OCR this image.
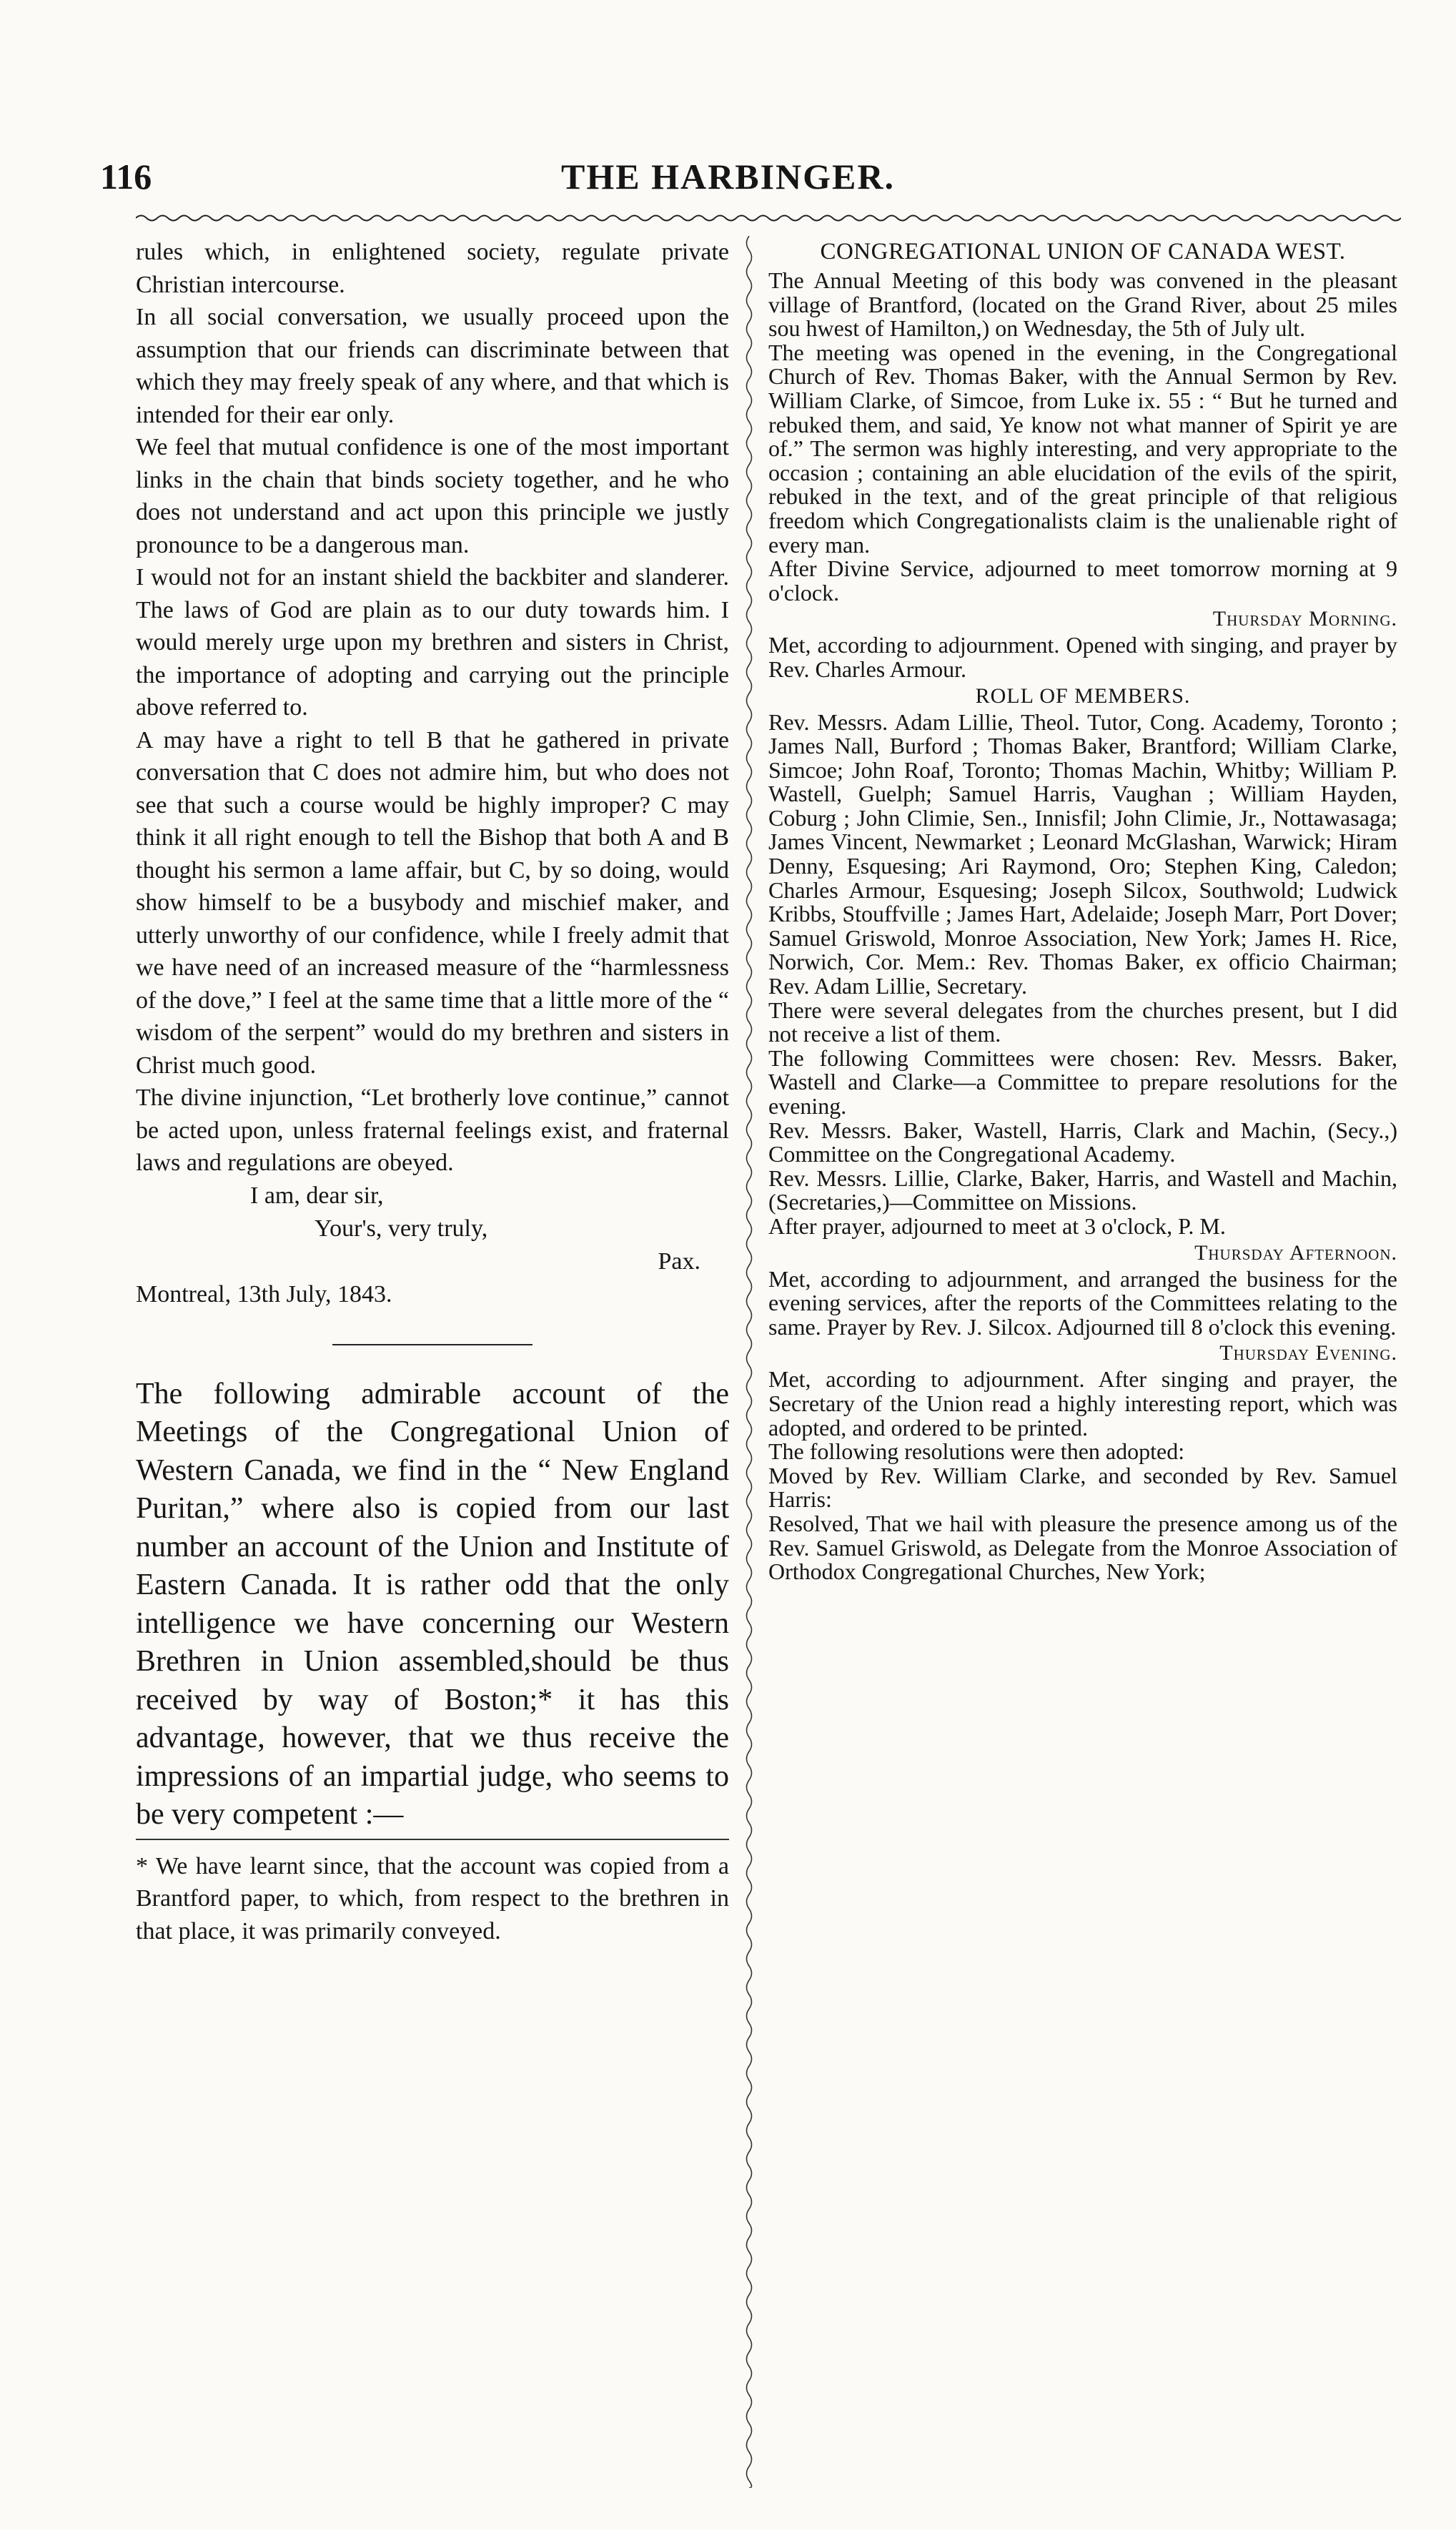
116	THE HARBINGER.

rules which, in enlightened society, regulate private Christian intercourse.

In all social conversation, we usually proceed upon the assumption that our friends can discriminate between that which they may freely speak of any where, and that which is intended for their ear only.

We feel that mutual confidence is one of the most important links in the chain that binds society together, and he who does not understand and act upon this principle we justly pronounce to be a dangerous man.

I would not for an instant shield the backbiter and slanderer. The laws of God are plain as to our duty towards him. I would merely urge upon my brethren and sisters in Christ, the importance of adopting and carrying out the principle above referred to.

A may have a right to tell B that he gathered in private conversation that C does not admire him, but who does not see that such a course would be highly improper? C may think it all right enough to tell the Bishop that both A and B thought his sermon a lame affair, but C, by so doing, would show himself to be a busybody and mischief maker, and utterly unworthy of our confidence, while I freely admit that we have need of an increased measure of the “harmlessness of the dove,” I feel at the same time that a little more of the “ wisdom of the serpent” would do my brethren and sisters in Christ much good.

The divine injunction, “Let brotherly love continue,” cannot be acted upon, unless fraternal feelings exist, and fraternal laws and regulations are obeyed.

I am, dear sir,
Your's, very truly,
Pax.
Montreal, 13th July, 1843.

The following admirable account of the Meetings of the Congregational Union of Western Canada, we find in the “ New England Puritan,” where also is copied from our last number an account of the Union and Institute of Eastern Canada. It is rather odd that the only intelligence we have concerning our Western Brethren in Union assembled,should be thus received by way of Boston;* it has this advantage, however, that we thus receive the impressions of an impartial judge, who seems to be very competent :—

* We have learnt since, that the account was copied from a Brantford paper, to which, from respect to the brethren in that place, it was primarily conveyed.

CONGREGATIONAL UNION OF CANADA WEST.

The Annual Meeting of this body was convened in the pleasant village of Brantford, (located on the Grand River, about 25 miles sou hwest of Hamilton,) on Wednesday, the 5th of July ult.

The meeting was opened in the evening, in the Congregational Church of Rev. Thomas Baker, with the Annual Sermon by Rev. William Clarke, of Simcoe, from Luke ix. 55 : “ But he turned and rebuked them, and said, Ye know not what manner of Spirit ye are of.” The sermon was highly interesting, and very appropriate to the occasion ; containing an able elucidation of the evils of the spirit, rebuked in the text, and of the great principle of that religious freedom which Congregationalists claim is the unalienable right of every man.

After Divine Service, adjourned to meet tomorrow morning at 9 o'clock.

Thursday Morning.

Met, according to adjournment. Opened with singing, and prayer by Rev. Charles Armour.

ROLL OF MEMBERS.

Rev. Messrs. Adam Lillie, Theol. Tutor, Cong. Academy, Toronto ; James Nall, Burford ; Thomas Baker, Brantford; William Clarke, Simcoe; John Roaf, Toronto; Thomas Machin, Whitby; William P. Wastell, Guelph; Samuel Harris, Vaughan ; William Hayden, Coburg ; John Climie, Sen., Innisfil; John Climie, Jr., Nottawasaga; James Vincent, Newmarket ; Leonard McGlashan, Warwick; Hiram Denny, Esquesing; Ari Raymond, Oro; Stephen King, Caledon; Charles Armour, Esquesing; Joseph Silcox, Southwold; Ludwick Kribbs, Stouffville ; James Hart, Adelaide; Joseph Marr, Port Dover; Samuel Griswold, Monroe Association, New York; James H. Rice, Norwich, Cor. Mem.: Rev. Thomas Baker, ex officio Chairman; Rev. Adam Lillie, Secretary.

There were several delegates from the churches present, but I did not receive a list of them.

The following Committees were chosen: Rev. Messrs. Baker, Wastell and Clarke—a Committee to prepare resolutions for the evening.

Rev. Messrs. Baker, Wastell, Harris, Clark and Machin, (Secy.,) Committee on the Congregational Academy.

Rev. Messrs. Lillie, Clarke, Baker, Harris, and Wastell and Machin, (Secretaries,)—Committee on Missions.

After prayer, adjourned to meet at 3 o'clock, P. M.

Thursday Afternoon.

Met, according to adjournment, and arranged the business for the evening services, after the reports of the Committees relating to the same. Prayer by Rev. J. Silcox. Adjourned till 8 o'clock this evening.

Thursday Evening.

Met, according to adjournment. After singing and prayer, the Secretary of the Union read a highly interesting report, which was adopted, and ordered to be printed.

The following resolutions were then adopted:

Moved by Rev. William Clarke, and seconded by Rev. Samuel Harris:

Resolved, That we hail with pleasure the presence among us of the Rev. Samuel Griswold, as Delegate from the Monroe Association of Orthodox Congregational Churches, New York;
